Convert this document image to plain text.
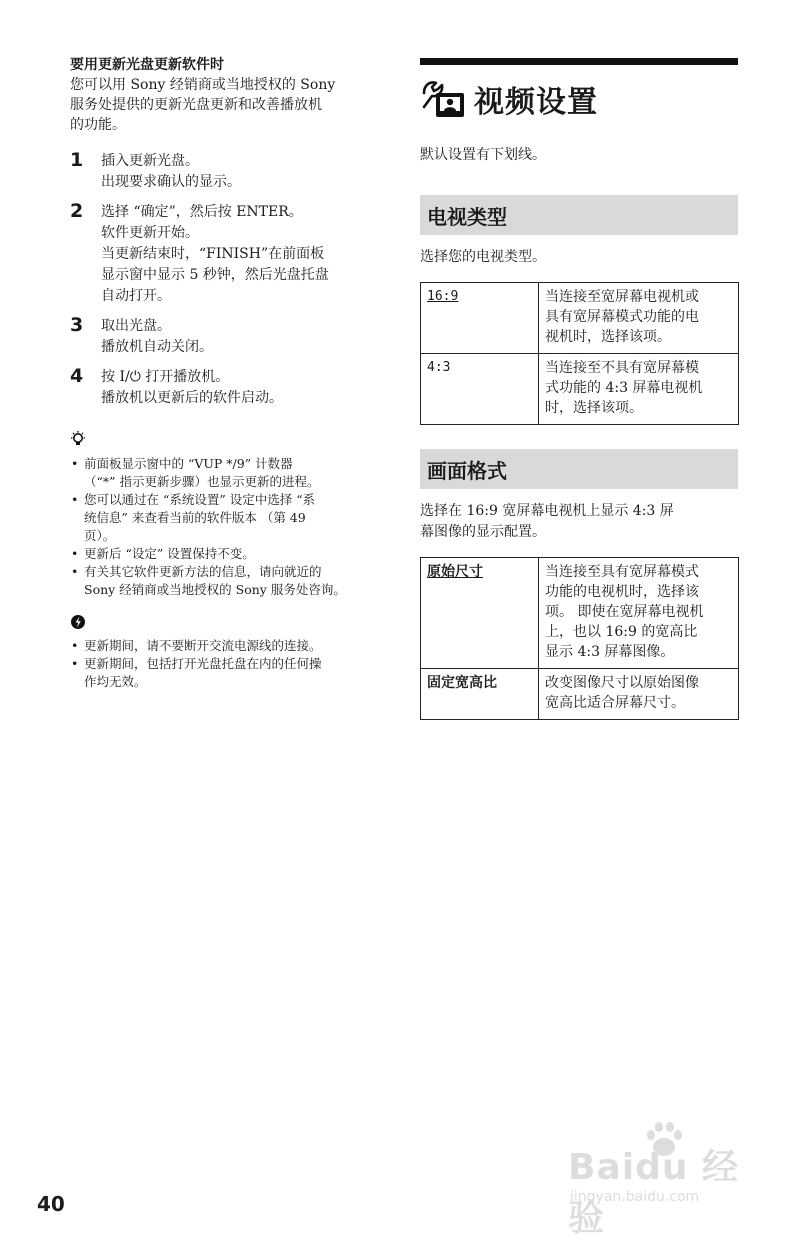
要用更新光盘更新软件时

您可以用 Sony 经销商或当地授权的 Sony
服务处提供的更新光盘更新和改善播放机
的功能。

1 插入更新光盘。
出现要求确认的显示。
2 选择 “确定”，然后按 ENTER。
软件更新开始。
当更新结束时，“FINISH”在前面板
显示窗中显示 5 秒钟，然后光盘托盘
自动打开。
3 取出光盘。
播放机自动关闭。
4 按 I/⏻ 打开播放机。
播放机以更新后的软件启动。
• 前面板显示窗中的 “VUP */9” 计数器
（“*” 指示更新步骤）也显示更新的进程。
• 您可以通过在 “系统设置” 设定中选择 “系
统信息” 来查看当前的软件版本 （第 49
页）。
• 更新后 “设定” 设置保持不变。
• 有关其它软件更新方法的信息，请向就近的
Sony 经销商或当地授权的 Sony 服务处咨询。
• 更新期间，请不要断开交流电源线的连接。
• 更新期间，包括打开光盘托盘在内的任何操
作均无效。
视频设置

默认设置有下划线。

电视类型

选择您的电视类型。

16:9	当连接至宽屏幕电视机或
具有宽屏幕模式功能的电
视机时，选择该项。
4:3	当连接至不具有宽屏幕模
式功能的 4:3 屏幕电视机
时，选择该项。
画面格式

选择在 16:9 宽屏幕电视机上显示 4:3 屏
幕图像的显示配置。

原始尺寸	当连接至具有宽屏幕模式
功能的电视机时，选择该
项。 即使在宽屏幕电视机
上，也以 16:9 的宽高比
显示 4:3 屏幕图像。
固定宽高比	改变图像尺寸以原始图像
宽高比适合屏幕尺寸。
40
Baidu 经验
jingyan.baidu.com
